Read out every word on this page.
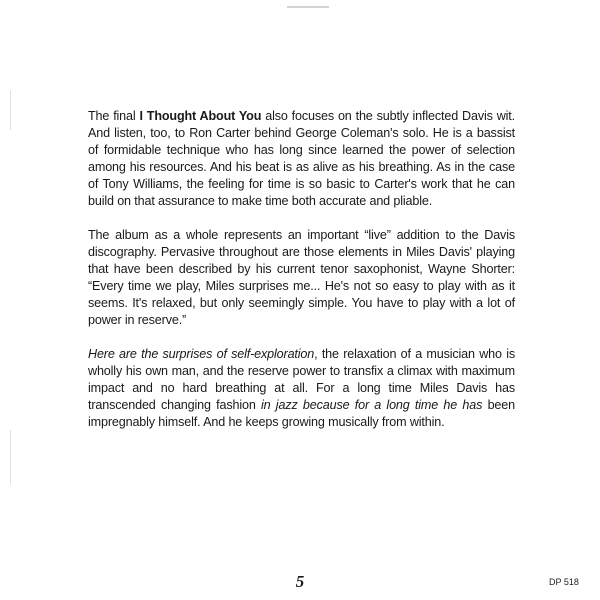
The final I Thought About You also focuses on the subtly inflected Davis wit. And listen, too, to Ron Carter behind George Coleman's solo. He is a bassist of formidable technique who has long since learned the power of selection among his resources. And his beat is as alive as his breathing. As in the case of Tony Williams, the feeling for time is so basic to Carter's work that he can build on that assurance to make time both accurate and pliable.

The album as a whole represents an important “live” addition to the Davis discography. Pervasive throughout are those elements in Miles Davis' playing that have been described by his current tenor saxophonist, Wayne Shorter: “Every time we play, Miles surprises me... He's not so easy to play with as it seems. It's relaxed, but only seemingly simple. You have to play with a lot of power in reserve.”

Here are the surprises of self-exploration, the relaxation of a musician who is wholly his own man, and the reserve power to transfix a climax with maximum impact and no hard breathing at all. For a long time Miles Davis has transcended changing fashion in jazz because for a long time he has been impregnably himself. And he keeps growing musically from within.

5	DP 518
